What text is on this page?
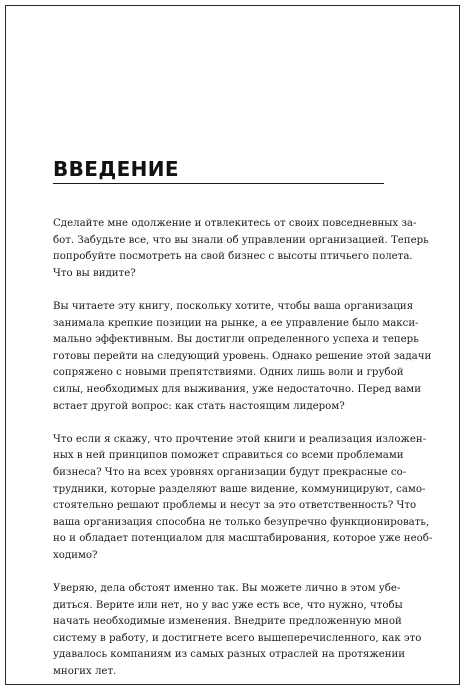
ВВЕДЕНИЕ

Сделайте мне одолжение и отвлекитесь от своих повседневных за-
бот. Забудьте все, что вы знали об управлении организацией. Теперь
попробуйте посмотреть на свой бизнес с высоты птичьего полета.
Что вы видите?

Вы читаете эту книгу, поскольку хотите, чтобы ваша организация
занимала крепкие позиции на рынке, а ее управление было макси-
мально эффективным. Вы достигли определенного успеха и теперь
готовы перейти на следующий уровень. Однако решение этой задачи
сопряжено с новыми препятствиями. Одних лишь воли и грубой
силы, необходимых для выживания, уже недостаточно. Перед вами
встает другой вопрос: как стать настоящим лидером?

Что если я скажу, что прочтение этой книги и реализация изложен-
ных в ней принципов поможет справиться со всеми проблемами
бизнеса? Что на всех уровнях организации будут прекрасные со-
трудники, которые разделяют ваше видение, коммуницируют, само-
стоятельно решают проблемы и несут за это ответственность? Что
ваша организация способна не только безупречно функционировать,
но и обладает потенциалом для масштабирования, которое уже необ-
ходимо?

Уверяю, дела обстоят именно так. Вы можете лично в этом убе-
диться. Верите или нет, но у вас уже есть все, что нужно, чтобы
начать необходимые изменения. Внедрите предложенную мной
систему в работу, и достигнете всего вышеперечисленного, как это
удавалось компаниям из самых разных отраслей на протяжении
многих лет.
